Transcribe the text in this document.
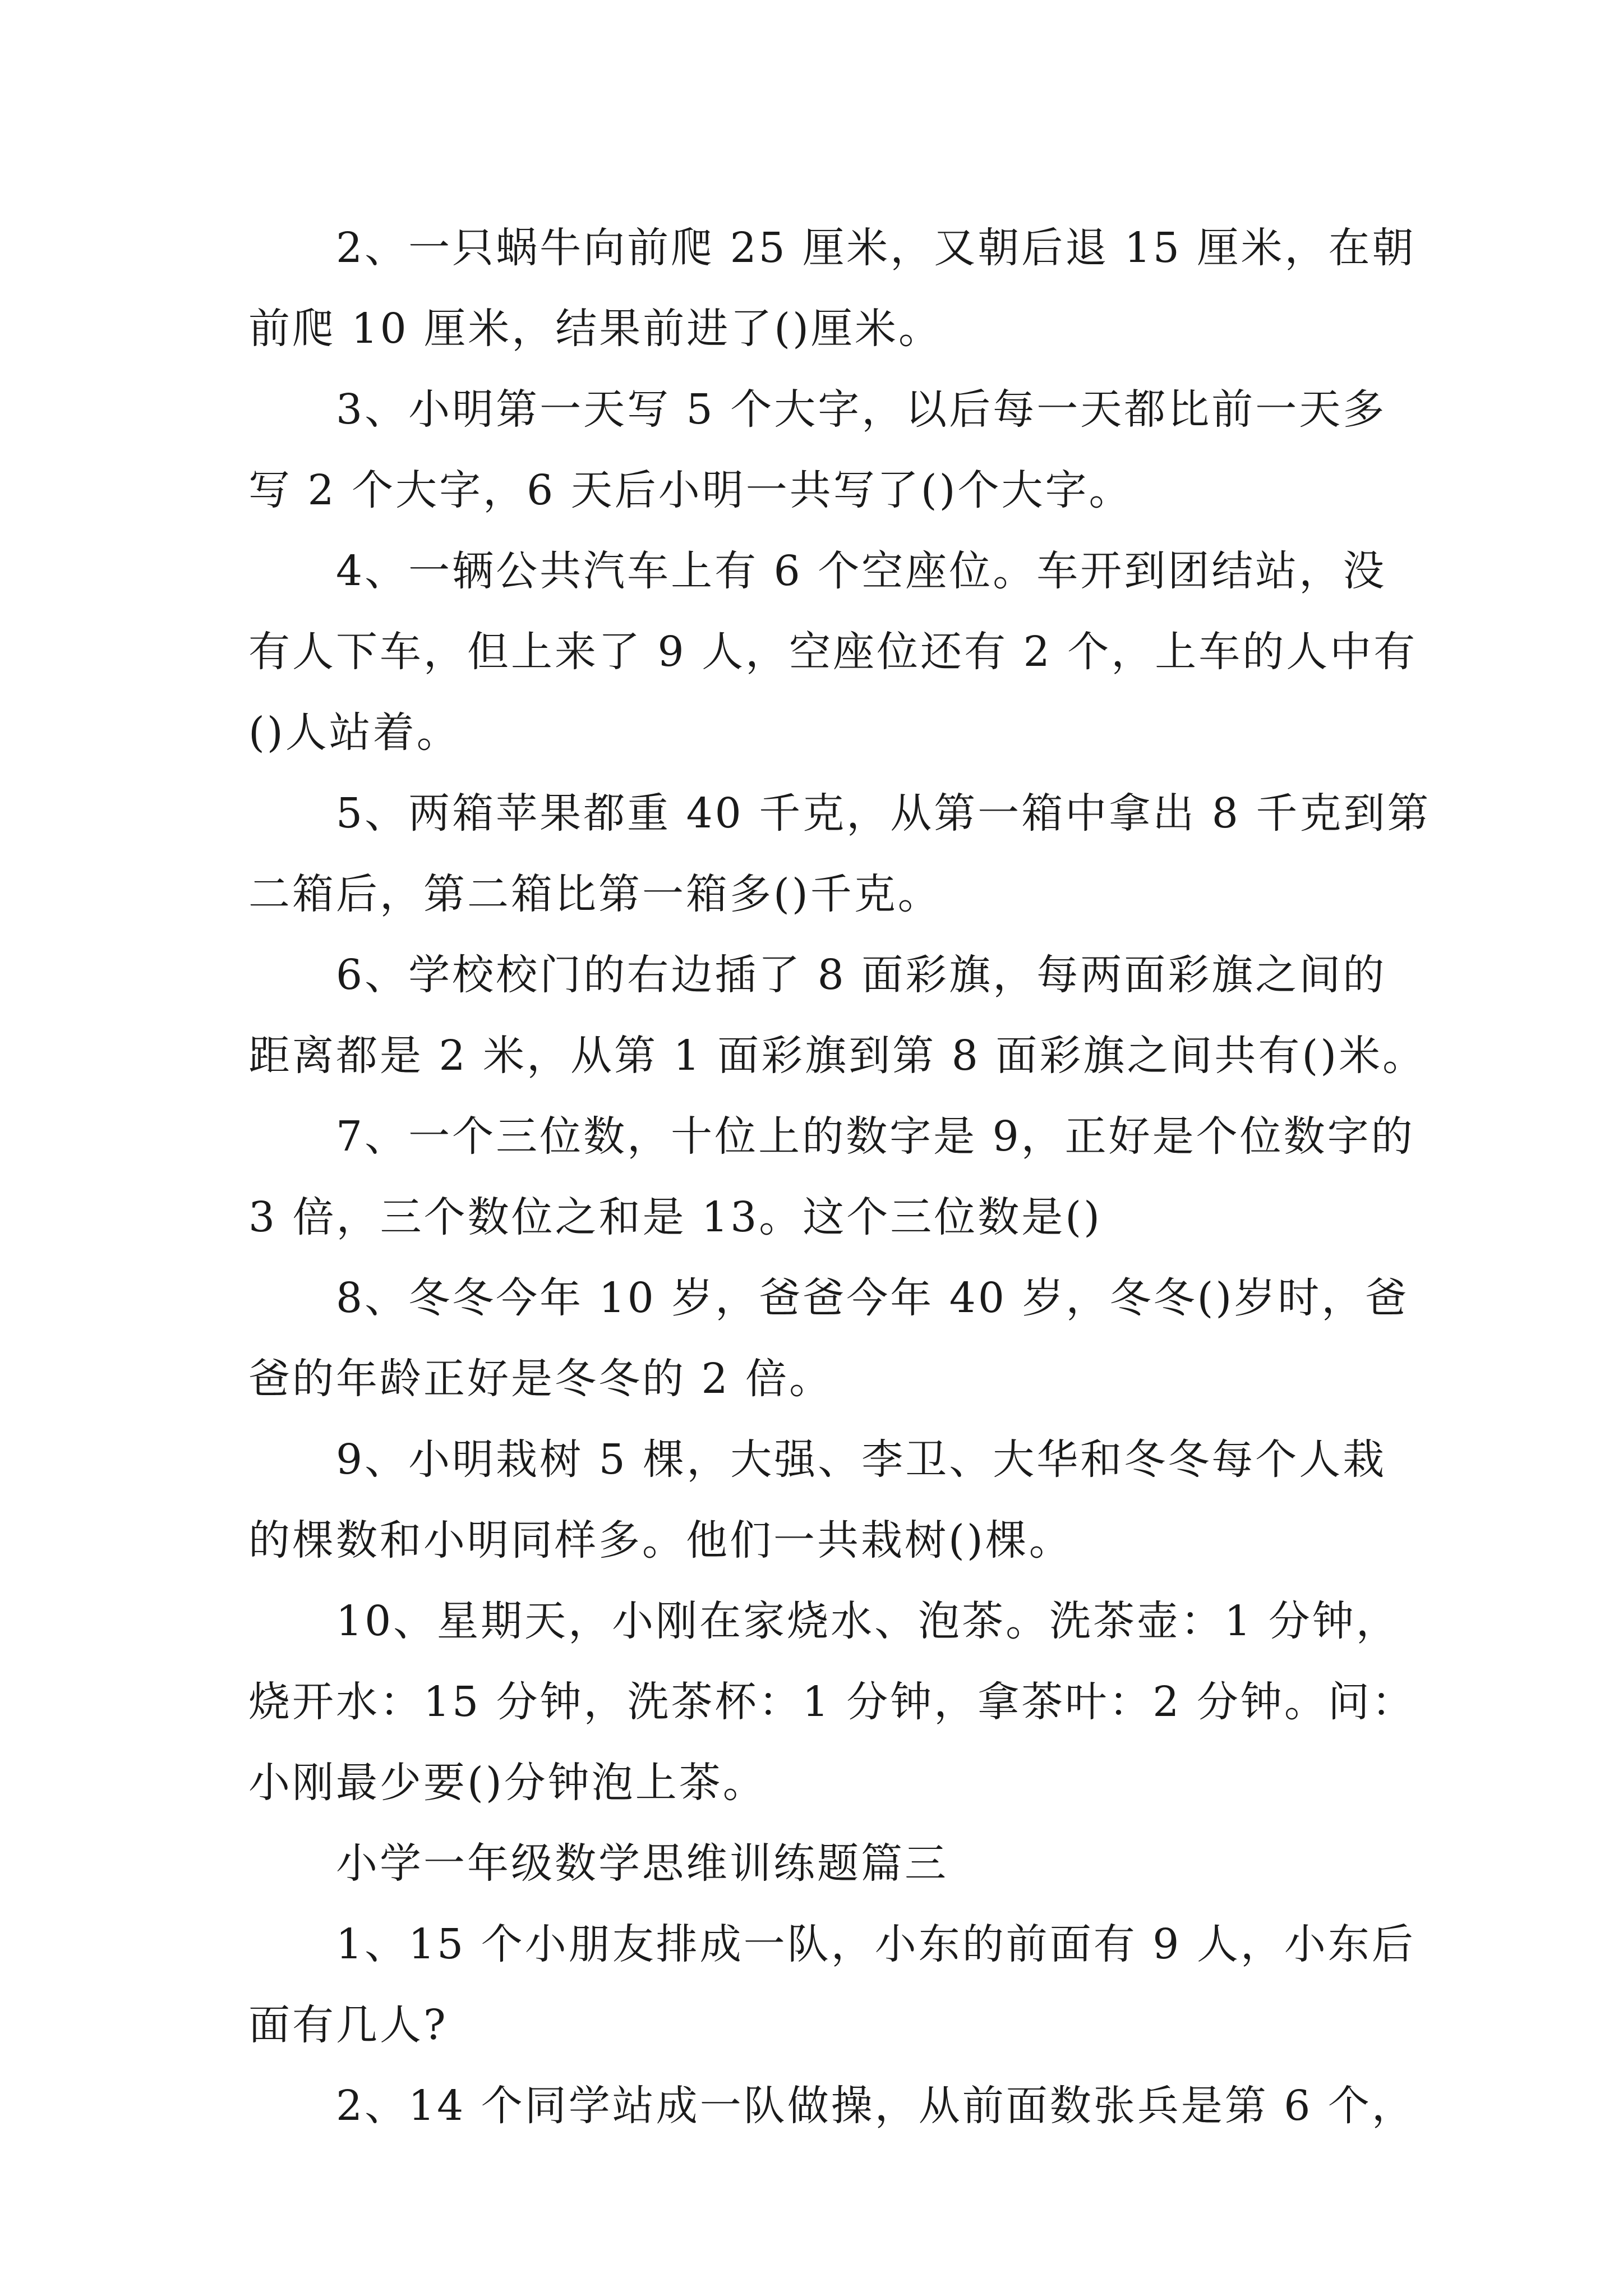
2、一只蜗牛向前爬 25 厘米，又朝后退 15 厘米，在朝
前爬 10 厘米，结果前进了()厘米。

3、小明第一天写 5 个大字，以后每一天都比前一天多
写 2 个大字，6 天后小明一共写了()个大字。

4、一辆公共汽车上有 6 个空座位。车开到团结站，没
有人下车，但上来了 9 人，空座位还有 2 个，上车的人中有
()人站着。

5、两箱苹果都重 40 千克，从第一箱中拿出 8 千克到第
二箱后，第二箱比第一箱多()千克。

6、学校校门的右边插了 8 面彩旗，每两面彩旗之间的
距离都是 2 米，从第 1 面彩旗到第 8 面彩旗之间共有()米。

7、一个三位数，十位上的数字是 9，正好是个位数字的
3 倍，三个数位之和是 13。这个三位数是()

8、冬冬今年 10 岁，爸爸今年 40 岁，冬冬()岁时，爸
爸的年龄正好是冬冬的 2 倍。

9、小明栽树 5 棵，大强、李卫、大华和冬冬每个人栽
的棵数和小明同样多。他们一共栽树()棵。

10、星期天，小刚在家烧水、泡茶。洗茶壶：1 分钟，
烧开水：15 分钟，洗茶杯：1 分钟，拿茶叶：2 分钟。问：
小刚最少要()分钟泡上茶。

小学一年级数学思维训练题篇三

1、15 个小朋友排成一队，小东的前面有 9 人，小东后
面有几人?

2、14 个同学站成一队做操，从前面数张兵是第 6 个，
